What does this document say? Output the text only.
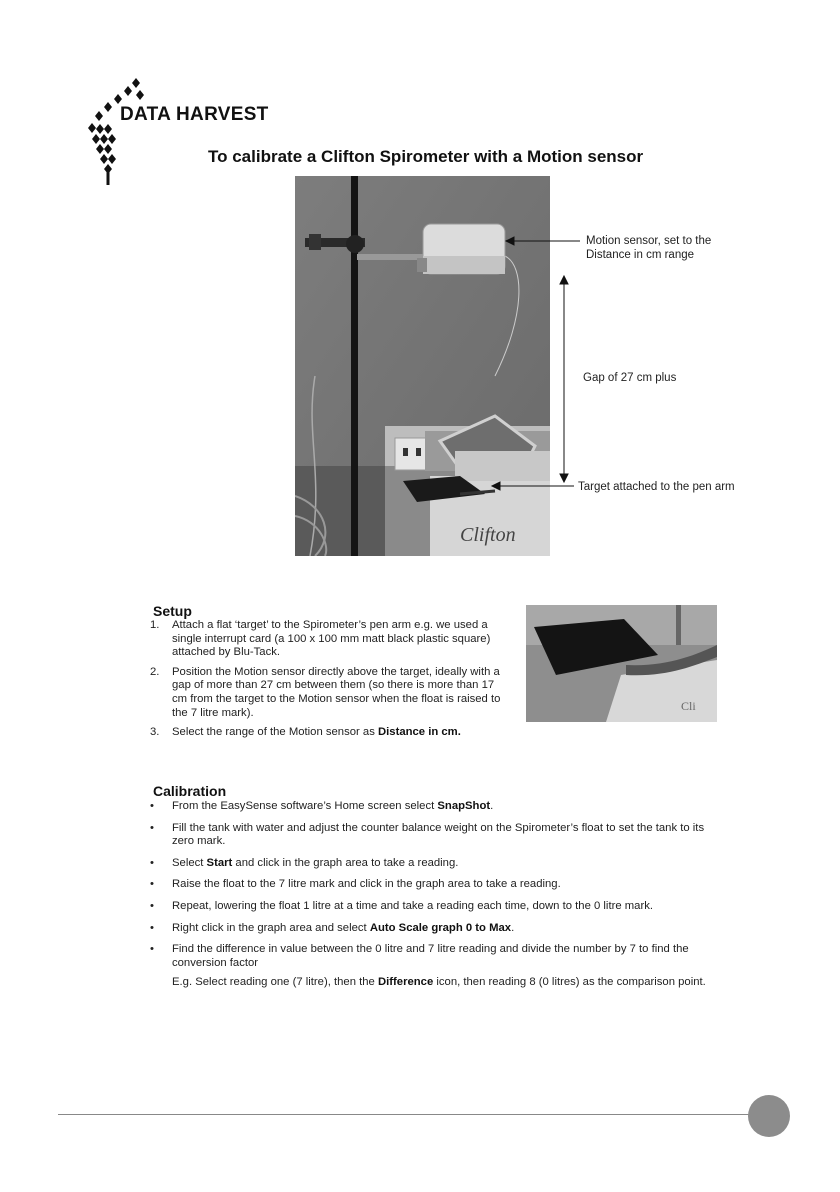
DATA HARVEST
To calibrate a Clifton Spirometer with a Motion sensor
Clifton
Motion sensor, set to the
Distance in cm range
Gap of 27 cm plus
Target attached to the pen arm
Cli
Setup
1. Attach a flat ‘target’ to the Spirometer’s pen arm e.g. we used a single interrupt card (a 100 x 100 mm matt black plastic square) attached by Blu-Tack.
2. Position the Motion sensor directly above the target, ideally with a gap of more than 27 cm between them (so there is more than 17 cm from the target to the Motion sensor when the float is raised to the 7 litre mark).
3. Select the range of the Motion sensor as Distance in cm.
Calibration
• From the EasySense software’s Home screen select SnapShot.
• Fill the tank with water and adjust the counter balance weight on the Spirometer’s float to set the tank to its zero mark.
• Select Start and click in the graph area to take a reading.
• Raise the float to the 7 litre mark and click in the graph area to take a reading.
• Repeat, lowering the float 1 litre at a time and take a reading each time, down to the 0 litre mark.
• Right click in the graph area and select Auto Scale graph 0 to Max.
• Find the difference in value between the 0 litre and 7 litre reading and divide the number by 7 to find the conversion factor
E.g. Select reading one (7 litre), then the Difference icon, then reading 8 (0 litres) as the comparison point.
